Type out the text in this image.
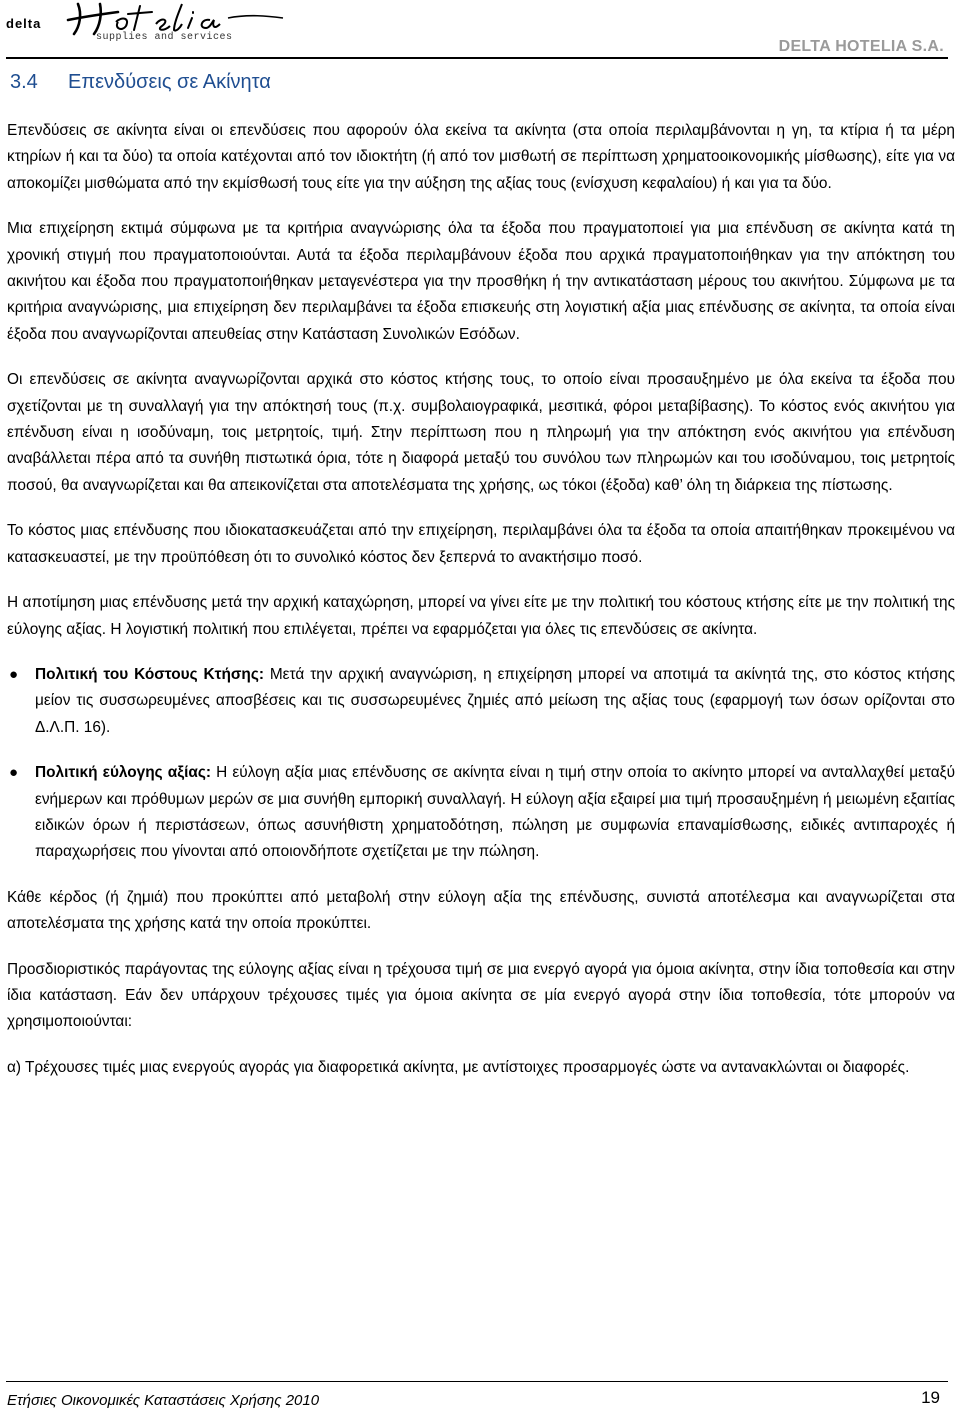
delta
supplies and services
DELTA HOTELIA S.A.
3.4 Επενδύσεις σε Ακίνητα

Επενδύσεις σε ακίνητα είναι οι επενδύσεις που αφορούν όλα εκείνα τα ακίνητα (στα οποία περιλαμβάνονται η γη, τα κτίρια ή τα μέρη κτηρίων ή και τα δύο) τα οποία κατέχονται από τον ιδιοκτήτη (ή από τον μισθωτή σε περίπτωση χρηματοοικονομικής μίσθωσης), είτε για να αποκομίζει μισθώματα από την εκμίσθωσή τους είτε για την αύξηση της αξίας τους (ενίσχυση κεφαλαίου) ή και για τα δύο.

Μια επιχείρηση εκτιμά σύμφωνα με τα κριτήρια αναγνώρισης όλα τα έξοδα που πραγματοποιεί για μια επένδυση σε ακίνητα κατά τη χρονική στιγμή που πραγματοποιούνται. Αυτά τα έξοδα περιλαμβάνουν έξοδα που αρχικά πραγματοποιήθηκαν για την απόκτηση του ακινήτου και έξοδα που πραγματοποιήθηκαν μεταγενέστερα για την προσθήκη ή την αντικατάσταση μέρους του ακινήτου. Σύμφωνα με τα κριτήρια αναγνώρισης, μια επιχείρηση δεν περιλαμβάνει τα έξοδα επισκευής στη λογιστική αξία μιας επένδυσης σε ακίνητα, τα οποία είναι έξοδα που αναγνωρίζονται απευθείας στην Κατάσταση Συνολικών Εσόδων.

Οι επενδύσεις σε ακίνητα αναγνωρίζονται αρχικά στο κόστος κτήσης τους, το οποίο είναι προσαυξημένο με όλα εκείνα τα έξοδα που σχετίζονται με τη συναλλαγή για την απόκτησή τους (π.χ. συμβολαιογραφικά, μεσιτικά, φόροι μεταβίβασης). Το κόστος ενός ακινήτου για επένδυση είναι η ισοδύναμη, τοις μετρητοίς, τιμή. Στην περίπτωση που η πληρωμή για την απόκτηση ενός ακινήτου για επένδυση αναβάλλεται πέρα από τα συνήθη πιστωτικά όρια, τότε η διαφορά μεταξύ του συνόλου των πληρωμών και του ισοδύναμου, τοις μετρητοίς ποσού, θα αναγνωρίζεται και θα απεικονίζεται στα αποτελέσματα της χρήσης, ως τόκοι (έξοδα) καθ’ όλη τη διάρκεια της πίστωσης.

Το κόστος μιας επένδυσης που ιδιοκατασκευάζεται από την επιχείρηση, περιλαμβάνει όλα τα έξοδα τα οποία απαιτήθηκαν προκειμένου να κατασκευαστεί, με την προϋπόθεση ότι το συνολικό κόστος δεν ξεπερνά το ανακτήσιμο ποσό.

Η αποτίμηση μιας επένδυσης μετά την αρχική καταχώρηση, μπορεί να γίνει είτε με την πολιτική του κόστους κτήσης είτε με την πολιτική της εύλογης αξίας. Η λογιστική πολιτική που επιλέγεται, πρέπει να εφαρμόζεται για όλες τις επενδύσεις σε ακίνητα.

● Πολιτική του Κόστους Κτήσης: Μετά την αρχική αναγνώριση, η επιχείρηση μπορεί να αποτιμά τα ακίνητά της, στο κόστος κτήσης μείον τις συσσωρευμένες αποσβέσεις και τις συσσωρευμένες ζημιές από μείωση της αξίας τους (εφαρμογή των όσων ορίζονται στο Δ.Λ.Π. 16).
● Πολιτική εύλογης αξίας: Η εύλογη αξία μιας επένδυσης σε ακίνητα είναι η τιμή στην οποία το ακίνητο μπορεί να ανταλλαχθεί μεταξύ ενήμερων και πρόθυμων μερών σε μια συνήθη εμπορική συναλλαγή. Η εύλογη αξία εξαιρεί μια τιμή προσαυξημένη ή μειωμένη εξαιτίας ειδικών όρων ή περιστάσεων, όπως ασυνήθιστη χρηματοδότηση, πώληση με συμφωνία επαναμίσθωσης, ειδικές αντιπαροχές ή παραχωρήσεις που γίνονται από οποιονδήποτε σχετίζεται με την πώληση.

Κάθε κέρδος (ή ζημιά) που προκύπτει από μεταβολή στην εύλογη αξία της επένδυσης, συνιστά αποτέλεσμα και αναγνωρίζεται στα αποτελέσματα της χρήσης κατά την οποία προκύπτει.

Προσδιοριστικός παράγοντας της εύλογης αξίας είναι η τρέχουσα τιμή σε μια ενεργό αγορά για όμοια ακίνητα, στην ίδια τοποθεσία και στην ίδια κατάσταση. Εάν δεν υπάρχουν τρέχουσες τιμές για όμοια ακίνητα σε μία ενεργό αγορά στην ίδια τοποθεσία, τότε μπορούν να χρησιμοποιούνται:

α) Τρέχουσες τιμές μιας ενεργούς αγοράς για διαφορετικά ακίνητα, με αντίστοιχες προσαρμογές ώστε να αντανακλώνται οι διαφορές.

Ετήσιες Οικονομικές Καταστάσεις Χρήσης 2010	19
